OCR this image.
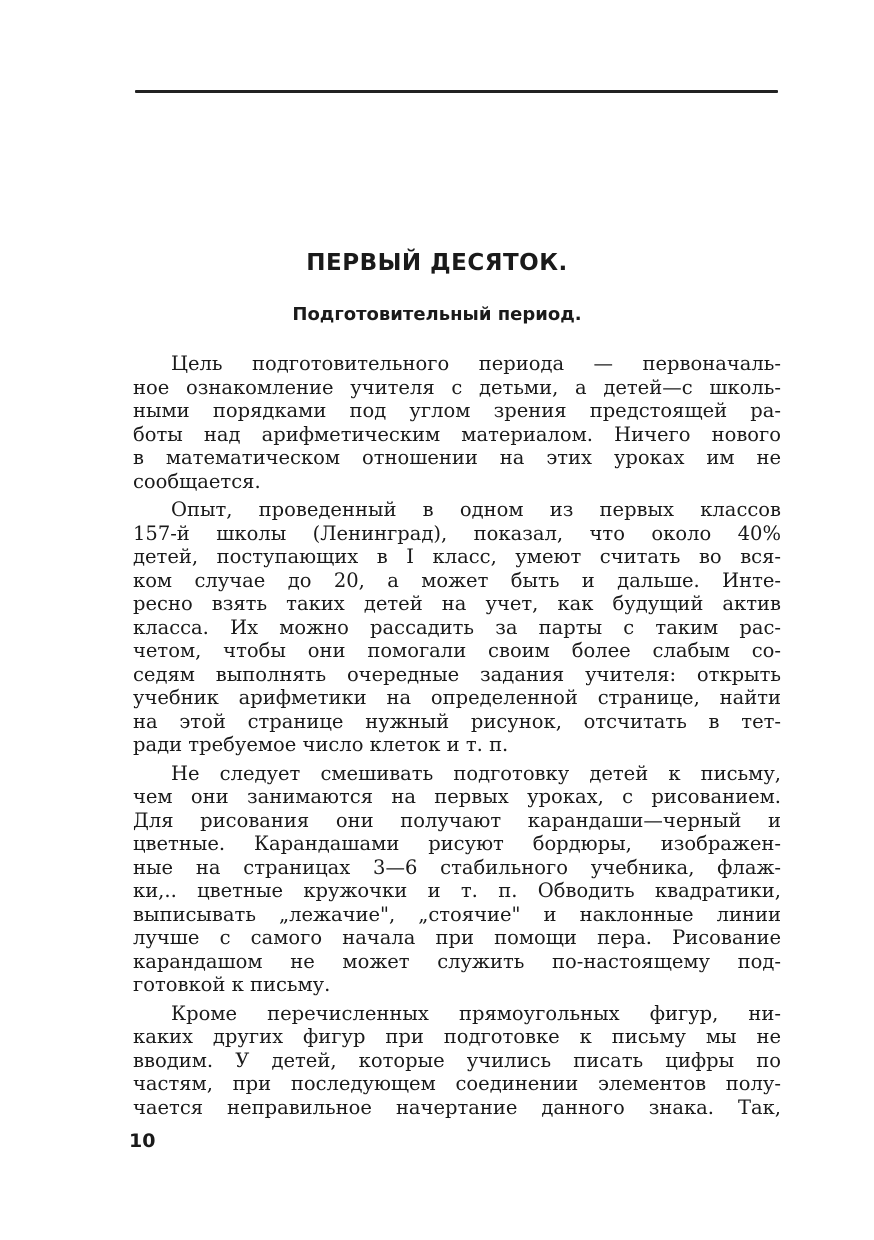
ПЕРВЫЙ ДЕСЯТОК.
Подготовительный период.
Цель подготовительного периода — первоначаль-
ное ознакомление учителя с детьми, а детей—с школь-
ными порядками под углом зрения предстоящей ра-
боты над арифметическим материалом. Ничего нового
в математическом отношении на этих уроках им не
сообщается.
Опыт, проведенный в одном из первых классов
157-й школы (Ленинград), показал, что около 40%
детей, поступающих в I класс, умеют считать во вся-
ком случае до 20, а может быть и дальше. Инте-
ресно взять таких детей на учет, как будущий актив
класса. Их можно рассадить за парты с таким рас-
четом, чтобы они помогали своим более слабым со-
седям выполнять очередные задания учителя: открыть
учебник арифметики на определенной странице, найти
на этой странице нужный рисунок, отсчитать в тет-
ради требуемое число клеток и т. п.
Не следует смешивать подготовку детей к письму,
чем они занимаются на первых уроках, с рисованием.
Для рисования они получают карандаши—черный и
цветные. Карандашами рисуют бордюры, изображен-
ные на страницах 3—6 стабильного учебника, флаж-
ки,.. цветные кружочки и т. п. Обводить квадратики,
выписывать „лежачие", „стоячие" и наклонные линии
лучше с самого начала при помощи пера. Рисование
карандашом не может служить по-настоящему под-
готовкой к письму.
Кроме перечисленных прямоугольных фигур, ни-
каких других фигур при подготовке к письму мы не
вводим. У детей, которые учились писать цифры по
частям, при последующем соединении элементов полу-
чается неправильное начертание данного знака. Так,
10
